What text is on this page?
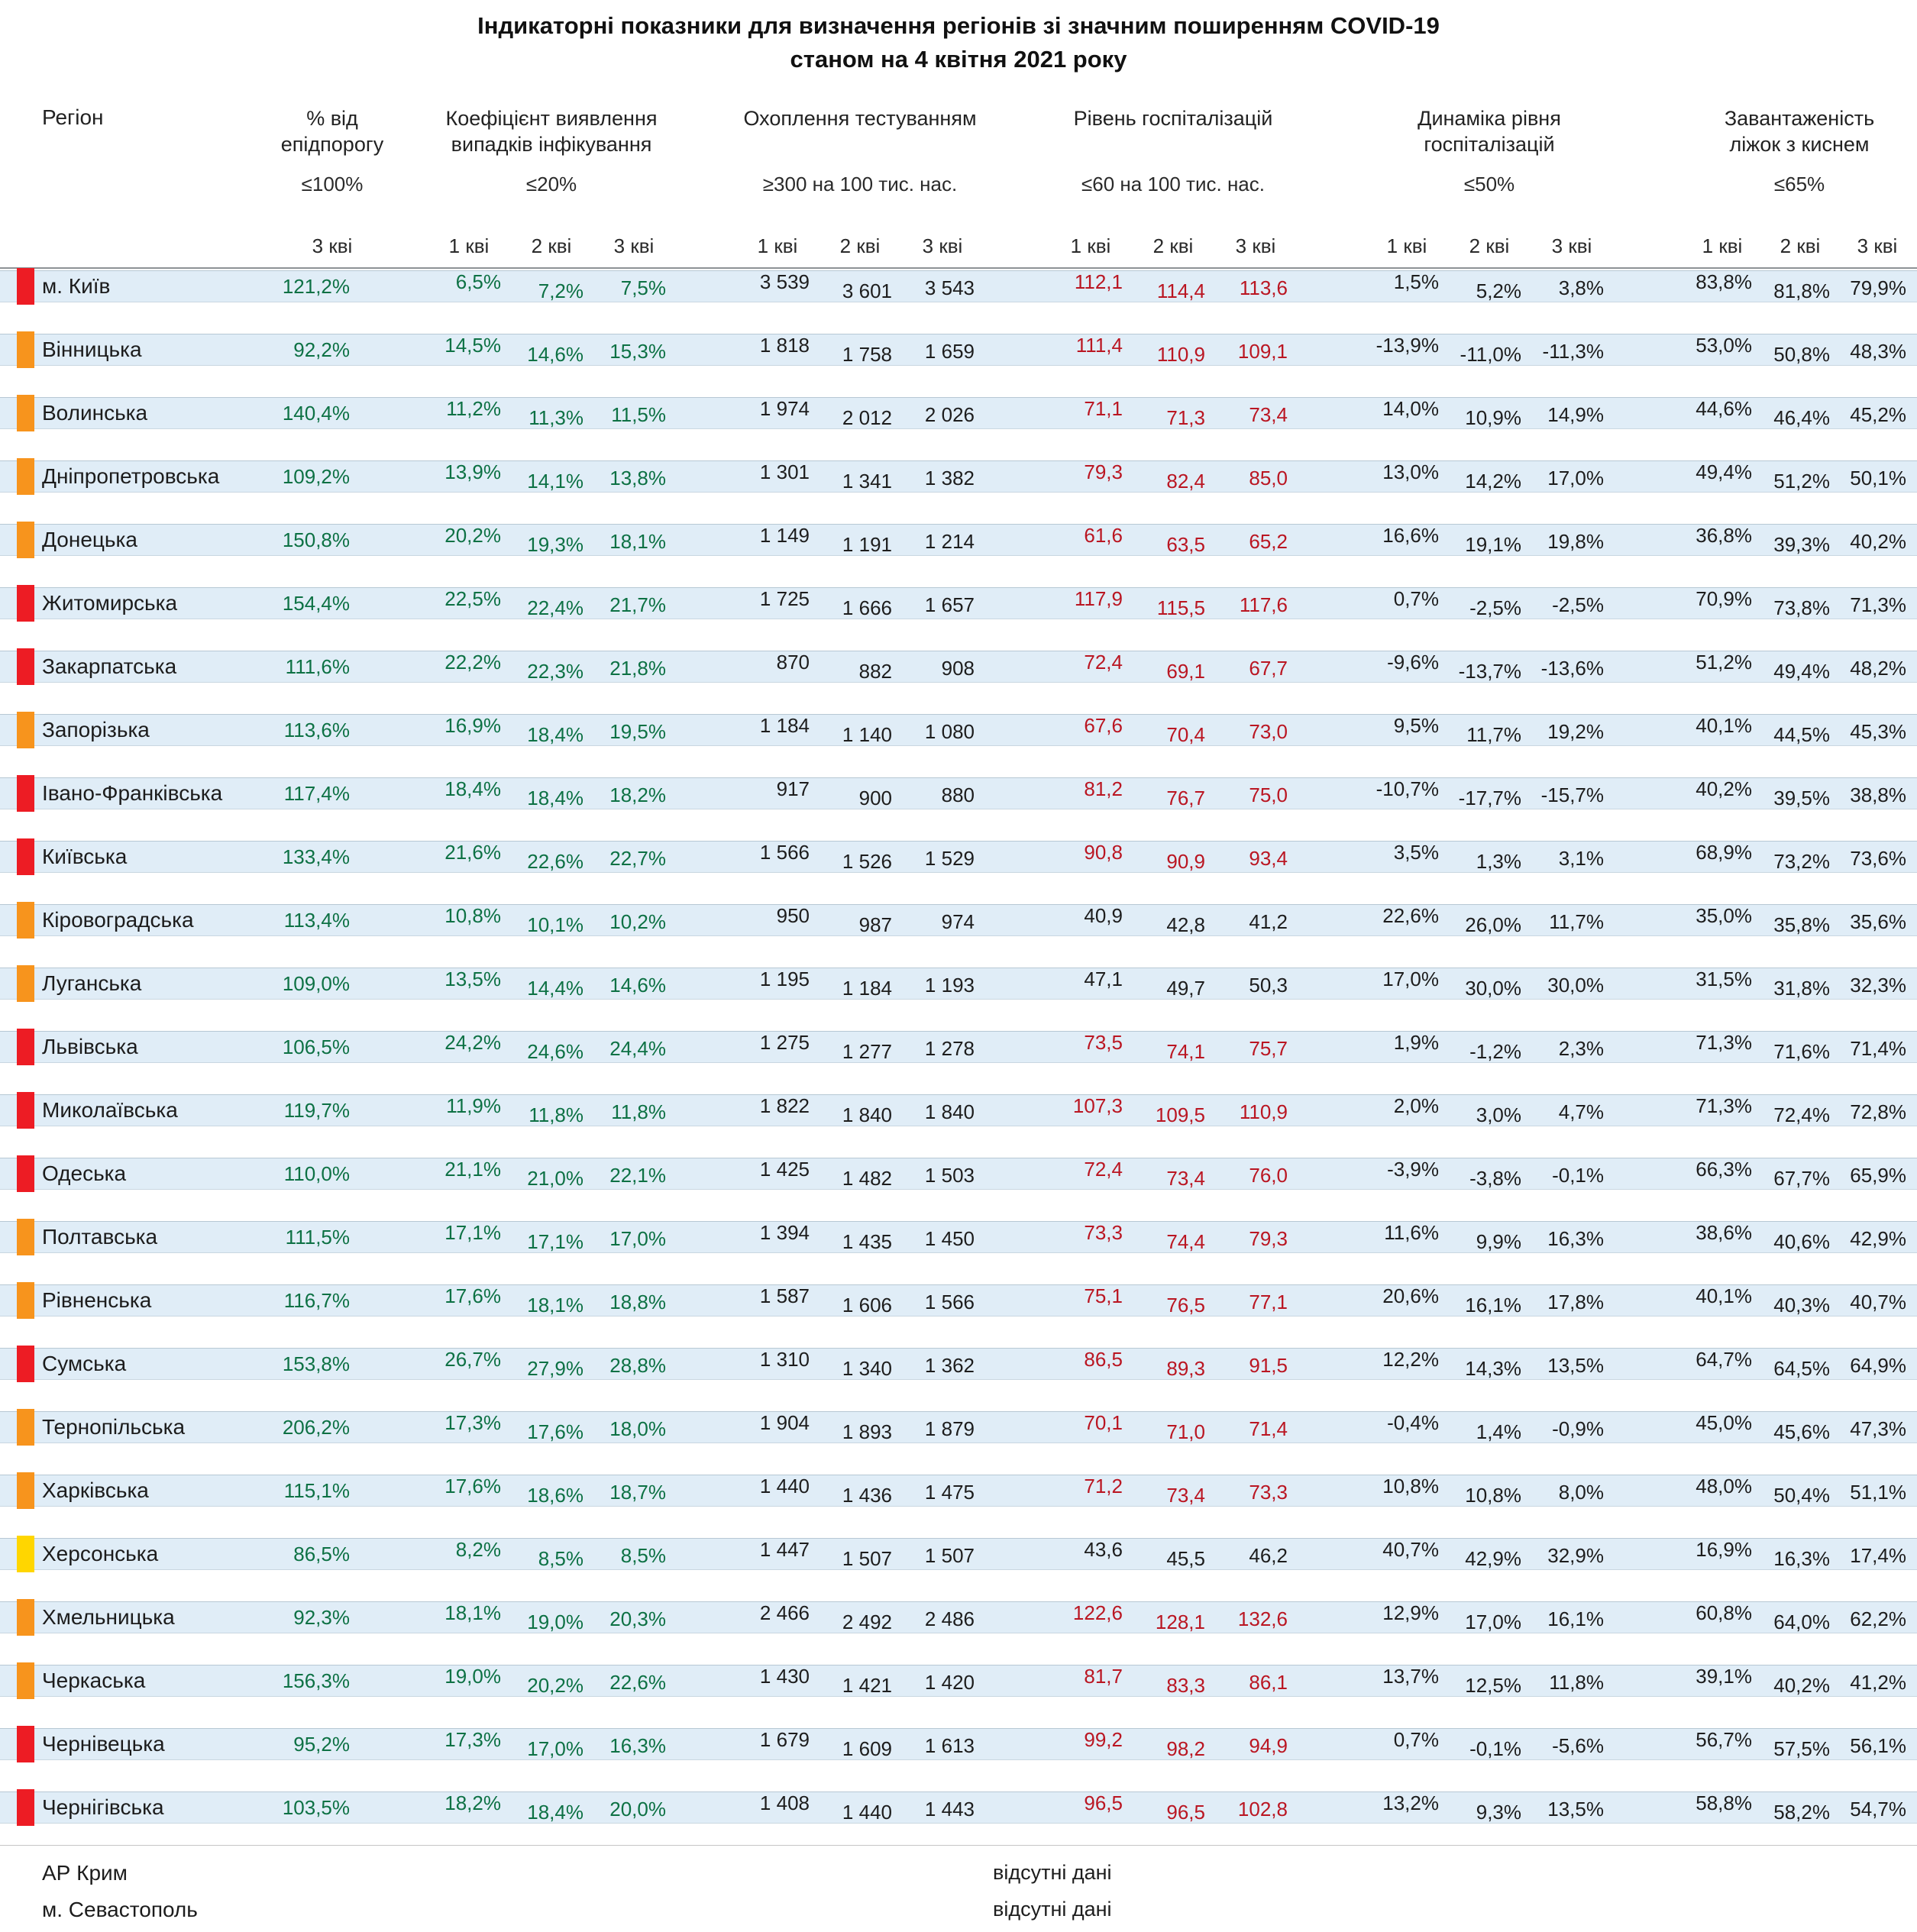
Індикаторні показники для визначення регіонів зі значним поширенням COVID-19
станом на 4 квітня 2021 року
Регіон	% від епідпорогу
Коефіцієнт виявлення випадків інфікування
Охоплення тестуванням	Рівень госпіталізацій	Динаміка рівня госпіталізацій
Завантаженість ліжок з киснем
≤100%	≤20%	≥300 на 100 тис. нас.	≤60 на 100 тис. нас.	≤50%	≤65%
3 кві	1 кві	2 кві	3 кві	1 кві	2 кві	3 кві	1 кві	2 кві	3 кві	1 кві	2 кві	3 кві	1 кві	2 кві	3 кві
м. Київ	121,2%	6,5%	7,2%	7,5%	3 539	3 601	3 543	112,1	114,4	113,6	1,5%	5,2%	3,8%	83,8%	81,8%	79,9%
Вінницька	92,2%	14,5%	14,6%	15,3%	1 818	1 758	1 659	111,4	110,9	109,1	-13,9%	-11,0%	-11,3%	53,0%	50,8%	48,3%
Волинська	140,4%	11,2%	11,3%	11,5%	1 974	2 012	2 026	71,1	71,3	73,4	14,0%	10,9%	14,9%	44,6%	46,4%	45,2%
Дніпропетровська	109,2%	13,9%	14,1%	13,8%	1 301	1 341	1 382	79,3	82,4	85,0	13,0%	14,2%	17,0%	49,4%	51,2%	50,1%
Донецька	150,8%	20,2%	19,3%	18,1%	1 149	1 191	1 214	61,6	63,5	65,2	16,6%	19,1%	19,8%	36,8%	39,3%	40,2%
Житомирська	154,4%	22,5%	22,4%	21,7%	1 725	1 666	1 657	117,9	115,5	117,6	0,7%	-2,5%	-2,5%	70,9%	73,8%	71,3%
Закарпатська	111,6%	22,2%	22,3%	21,8%	870	882	908	72,4	69,1	67,7	-9,6% -13,7% -13,6%	51,2%	49,4%	48,2%
Запорізька	113,6%	16,9%	18,4%	19,5%	1 184	1 140	1 080	67,6	70,4	73,0	9,5%	11,7%	19,2%	40,1%	44,5%	45,3%
Івано-Франківська	117,4%	18,4%	18,4%	18,2%	917	900	880	81,2	76,7	75,0	-10,7% -17,7% -15,7%	40,2%	39,5%	38,8%
Київська	133,4%	21,6%	22,6%	22,7%	1 566	1 526	1 529	90,8	90,9	93,4	3,5%	1,3%	3,1%	68,9%	73,2%	73,6%
Кіровоградська	113,4%	10,8%	10,1%	10,2%	950	987	974	40,9	42,8	41,2	22,6%	26,0%	11,7%	35,0%	35,8%	35,6%
Луганська	109,0%	13,5%	14,4%	14,6%	1 195	1 184	1 193	47,1	49,7	50,3	17,0%	30,0%	30,0%	31,5%	31,8%	32,3%
Львівська	106,5%	24,2%	24,6%	24,4%	1 275	1 277	1 278	73,5	74,1	75,7	1,9%	-1,2%	2,3%	71,3%	71,6%	71,4%
Миколаївська	119,7%	11,9%	11,8%	11,8%	1 822	1 840	1 840	107,3	109,5	110,9	2,0%	3,0%	4,7%	71,3%	72,4%	72,8%
Одеська	110,0%	21,1%	21,0%	22,1%	1 425	1 482	1 503	72,4	73,4	76,0	-3,9%	-3,8%	-0,1%	66,3%	67,7%	65,9%
Полтавська	111,5%	17,1%	17,1%	17,0%	1 394	1 435	1 450	73,3	74,4	79,3	11,6%	9,9%	16,3%	38,6%	40,6%	42,9%
Рівненська	116,7%	17,6%	18,1%	18,8%	1 587	1 606	1 566	75,1	76,5	77,1	20,6%	16,1%	17,8%	40,1%	40,3%	40,7%
Сумська	153,8%	26,7%	27,9%	28,8%	1 310	1 340	1 362	86,5	89,3	91,5	12,2%	14,3%	13,5%	64,7%	64,5%	64,9%
Тернопільська	206,2%	17,3%	17,6%	18,0%	1 904	1 893	1 879	70,1	71,0	71,4	-0,4%	1,4%	-0,9%	45,0%	45,6%	47,3%
Харківська	115,1%	17,6%	18,6%	18,7%	1 440	1 436	1 475	71,2	73,4	73,3	10,8%	10,8%	8,0%	48,0%	50,4%	51,1%
Херсонська	86,5%	8,2%	8,5%	8,5%	1 447	1 507	1 507	43,6	45,5	46,2	40,7%	42,9%	32,9%	16,9%	16,3%	17,4%
Хмельницька	92,3%	18,1%	19,0%	20,3%	2 466	2 492	2 486	122,6	128,1	132,6	12,9%	17,0%	16,1%	60,8%	64,0%	62,2%
Черкаська	156,3%	19,0%	20,2%	22,6%	1 430	1 421	1 420	81,7	83,3	86,1	13,7%	12,5%	11,8%	39,1%	40,2%	41,2%
Чернівецька	95,2%	17,3%	17,0%	16,3%	1 679	1 609	1 613	99,2	98,2	94,9	0,7%	-0,1%	-5,6%	56,7%	57,5%	56,1%
Чернігівська	103,5%	18,2%	18,4%	20,0%	1 408	1 440	1 443	96,5	96,5	102,8	13,2%	9,3%	13,5%	58,8%	58,2%	54,7%
АР Крим	відсутні дані
м. Севастополь	відсутні дані
